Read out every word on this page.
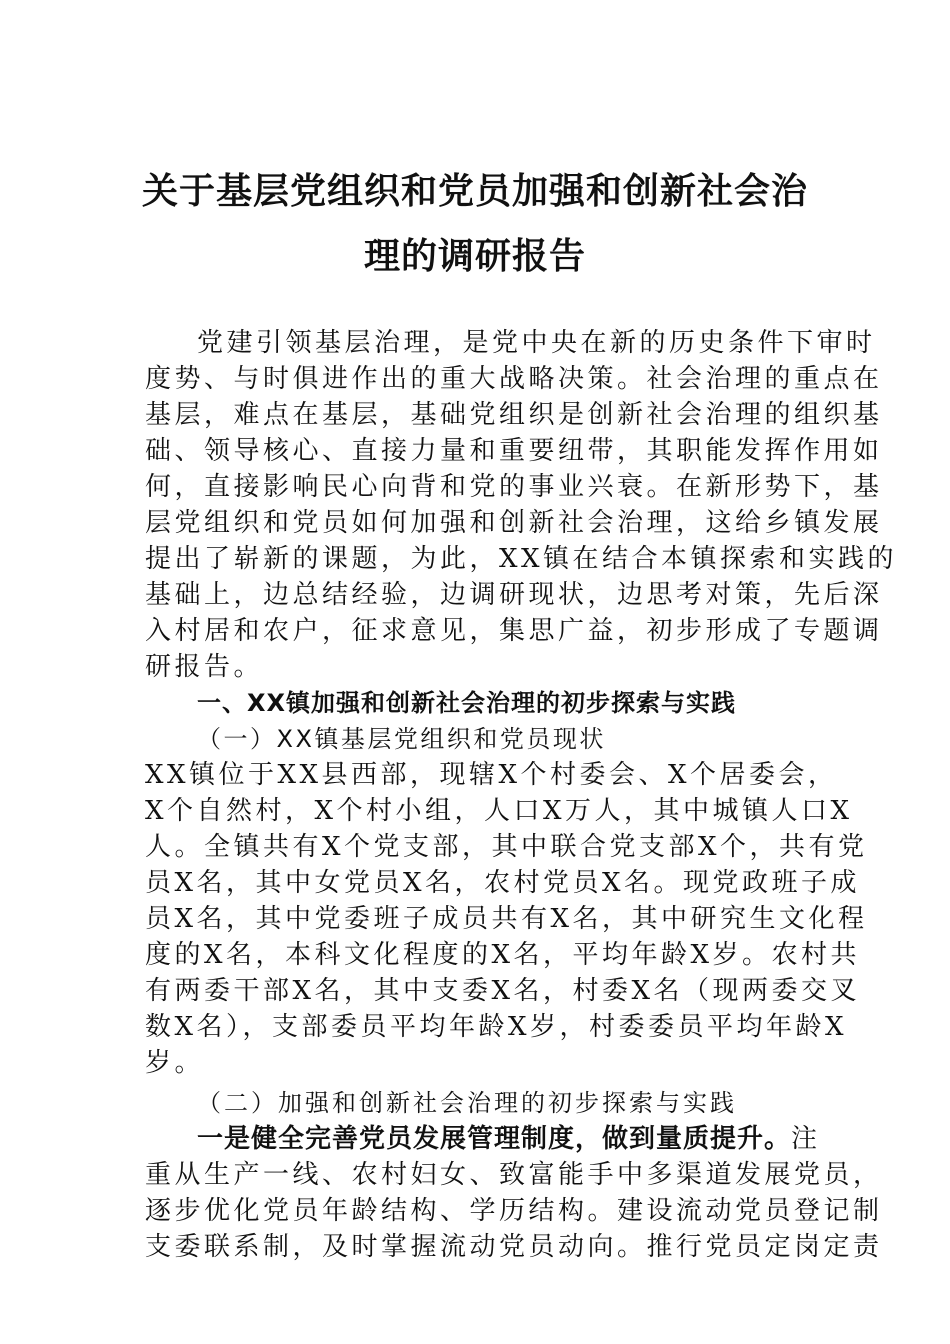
关于基层党组织和党员加强和创新社会治
理的调研报告
党建引领基层治理，是党中央在新的历史条件下审时
度势、与时俱进作出的重大战略决策。社会治理的重点在
基层，难点在基层，基础党组织是创新社会治理的组织基
础、领导核心、直接力量和重要纽带，其职能发挥作用如
何，直接影响民心向背和党的事业兴衰。在新形势下，基
层党组织和党员如何加强和创新社会治理，这给乡镇发展
提出了崭新的课题，为此，XX镇在结合本镇探索和实践的
基础上，边总结经验，边调研现状，边思考对策，先后深
入村居和农户，征求意见，集思广益，初步形成了专题调
研报告。
一、XX镇加强和创新社会治理的初步探索与实践
（一）XX镇基层党组织和党员现状
XX镇位于XX县西部，现辖X个村委会、X个居委会，
X个自然村，X个村小组，人口X万人，其中城镇人口X
人。全镇共有X个党支部，其中联合党支部X个，共有党
员X名，其中女党员X名，农村党员X名。现党政班子成
员X名，其中党委班子成员共有X名，其中研究生文化程
度的X名，本科文化程度的X名，平均年龄X岁。农村共
有两委干部X名，其中支委X名，村委X名（现两委交叉
数X名），支部委员平均年龄X岁，村委委员平均年龄X
岁。
（二）加强和创新社会治理的初步探索与实践
一是健全完善党员发展管理制度，做到量质提升。注
重从生产一线、农村妇女、致富能手中多渠道发展党员，
逐步优化党员年龄结构、学历结构。建设流动党员登记制
支委联系制，及时掌握流动党员动向。推行党员定岗定责
